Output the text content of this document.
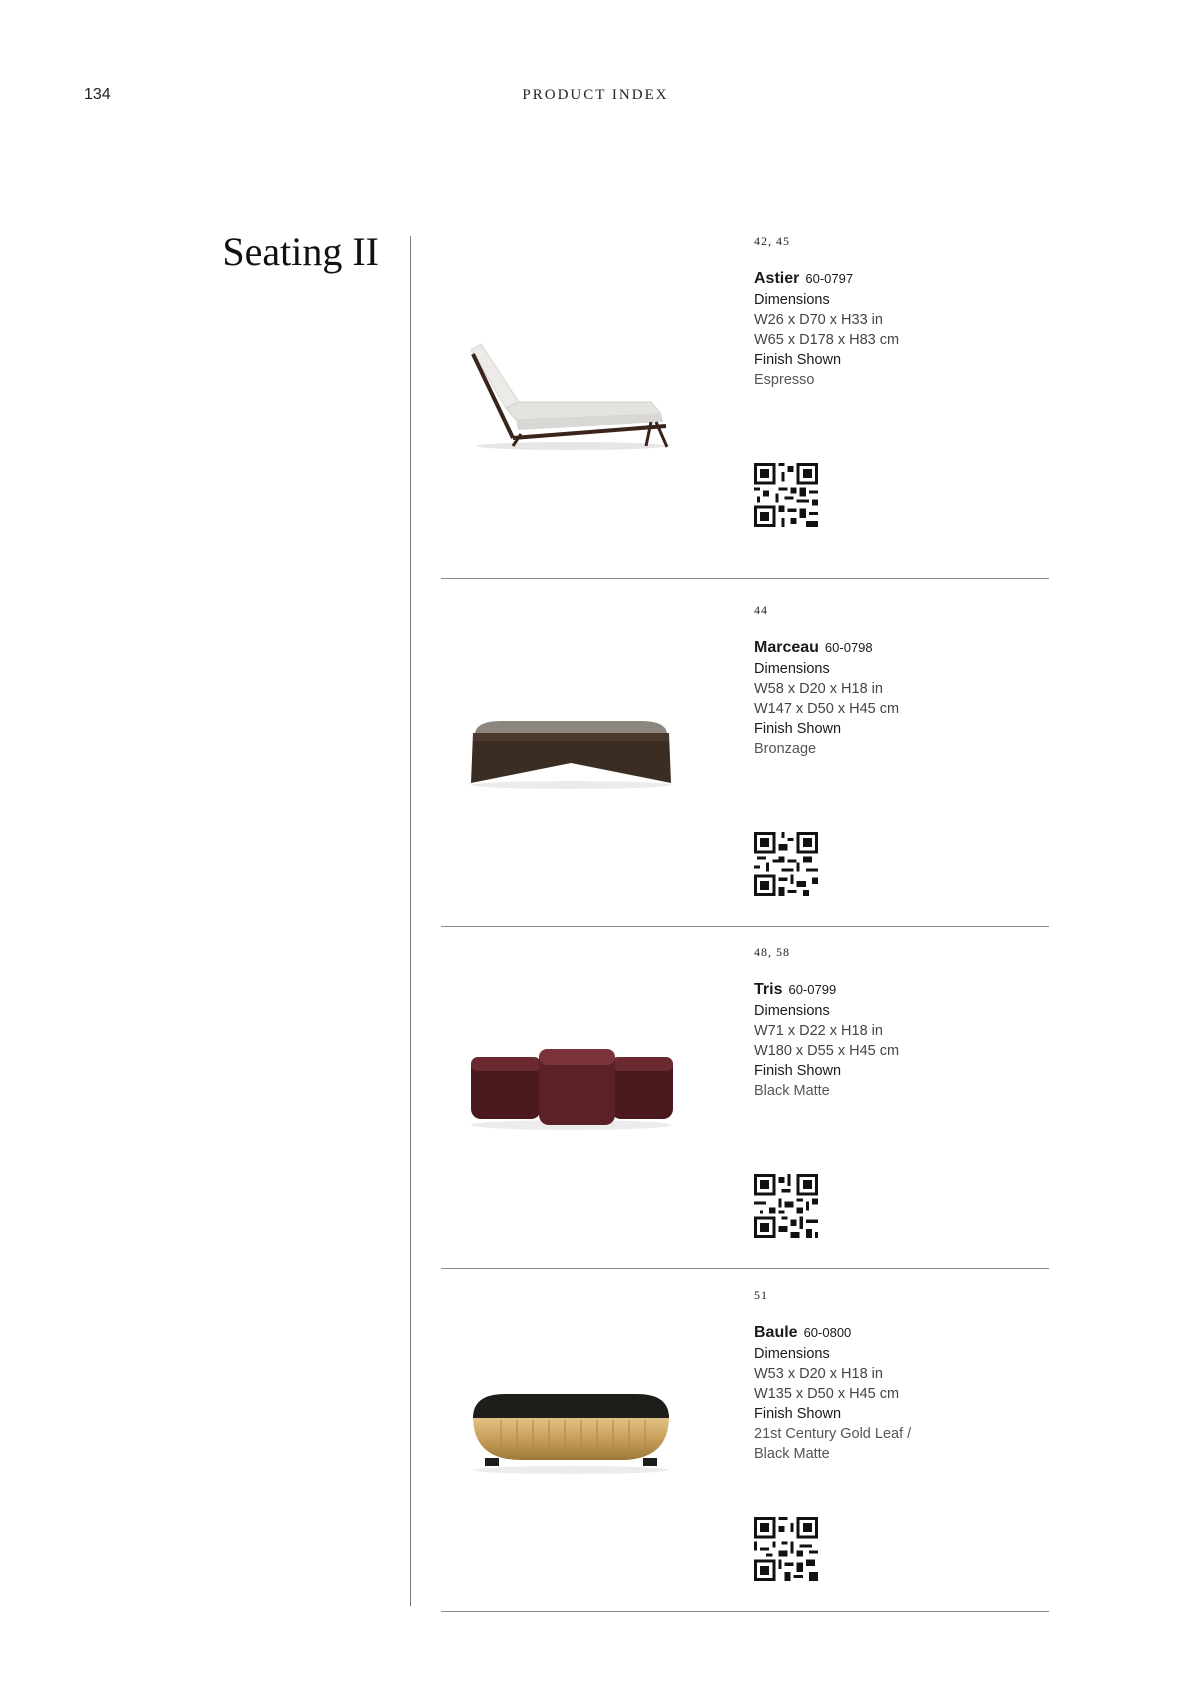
134	PRODUCT INDEX
Seating II	42, 45
Astier 60-0797
Dimensions
W26 x D70 x H33 in
W65 x D178 x H83 cm
Finish Shown
Espresso
44
Marceau 60-0798
Dimensions
W58 x D20 x H18 in
W147 x D50 x H45 cm
Finish Shown
Bronzage
48, 58
Tris 60-0799
Dimensions
W71 x D22 x H18 in
W180 x D55 x H45 cm
Finish Shown
Black Matte
51
Baule 60-0800
Dimensions
W53 x D20 x H18 in
W135 x D50 x H45 cm
Finish Shown
21st Century Gold Leaf /
Black Matte
